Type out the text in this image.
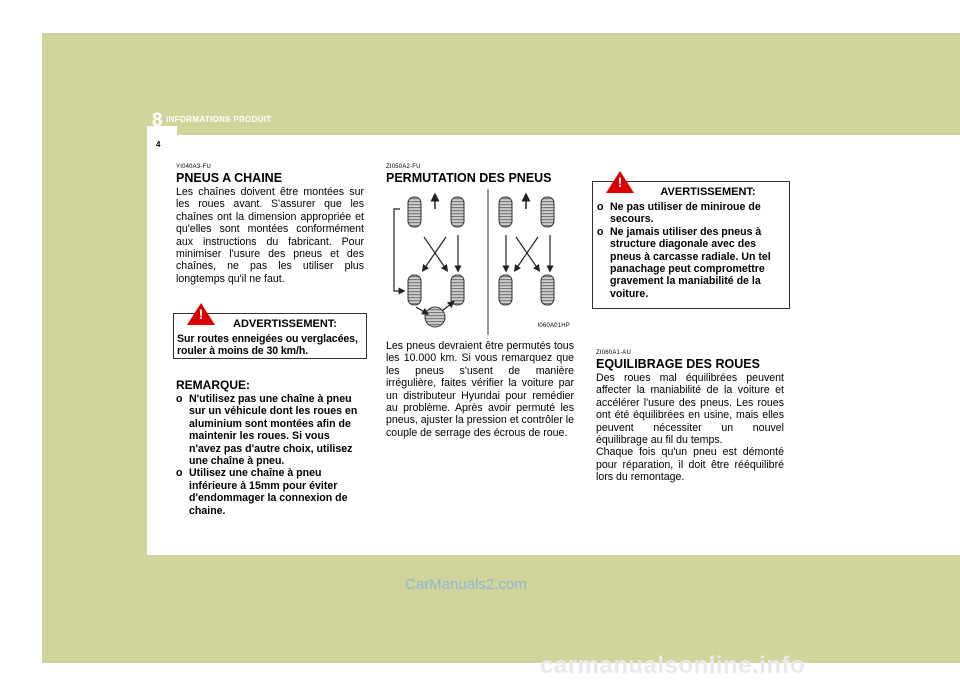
8 INFORMATIONS PRODUIT
4
YI040A3-FU
PNEUS A CHAINE
Les chaînes doivent être montées sur les roues avant. S'assurer que les chaînes ont la dimension appropriée et qu'elles sont montées conformément aux instructions du fabricant. Pour minimiser l'usure des pneus et des chaînes, ne pas les utiliser plus longtemps qu'il ne faut.
ADVERTISSEMENT:
Sur routes enneigées ou verglacées, rouler à moins de 30 km/h.
!
REMARQUE:
o N'utilisez pas une chaîne à pneu sur un véhicule dont les roues en aluminium sont montées afin de maintenir les roues. Si vous n'avez pas d'autre choix, utilisez une chaîne à pneu.
o Utilisez une chaîne à pneu inférieure à 15mm pour éviter d'endommager la connexion de chaine.
ZI050A2-FU
PERMUTATION DES PNEUS
I060A01HP
Les pneus devraient être permutés tous les 10.000 km. Si vous remarquez que les pneus s'usent de manière irrégulière, faites vérifier la voiture par un distributeur Hyundai pour remédier au problème. Après avoir permuté les pneus, ajuster la pression et contrôler le couple de serrage des écrous de roue.
AVERTISSEMENT:
o Ne pas utiliser de miniroue de secours.
o Ne jamais utiliser des pneus à structure diagonale avec des pneus à carcasse radiale. Un tel panachage peut compromettre gravement la maniabilité de la voiture.
!
ZI060A1-AU
EQUILIBRAGE DES ROUES
Des roues mal équilibrées peuvent affecter la maniabilité de la voiture et accélérer l'usure des pneus. Les roues ont été équilibrées en usine, mais elles peuvent nécessiter un nouvel équilibrage au fil du temps.
Chaque fois qu'un pneu est démonté pour réparation, il doit être rééquilibré lors du remontage.
CarManuals2.com
carmanualsonline.info
